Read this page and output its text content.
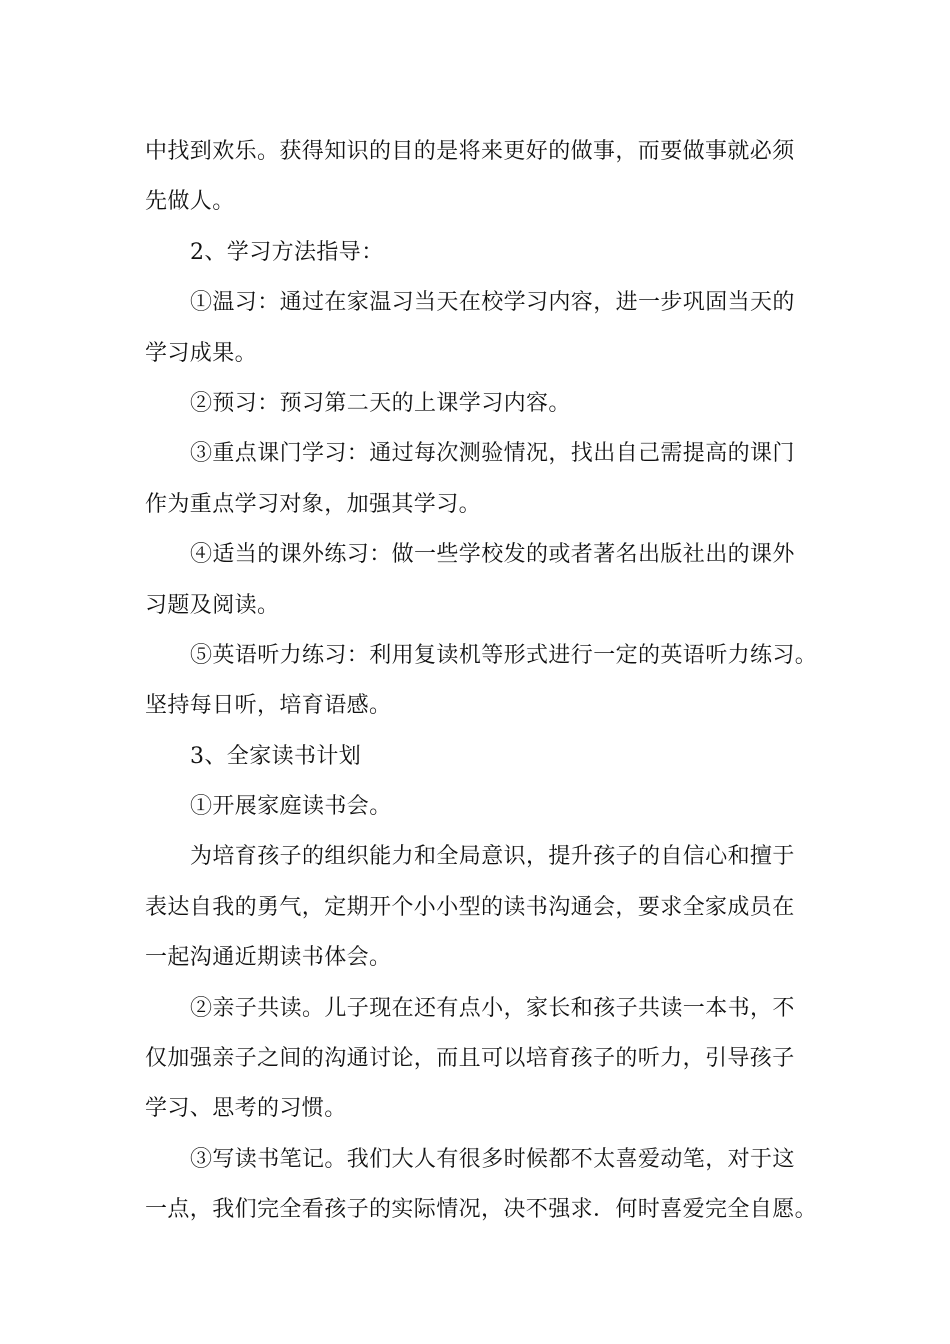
中找到欢乐。获得知识的目的是将来更好的做事，而要做事就必须
先做人。
2、学习方法指导：
①温习：通过在家温习当天在校学习内容，进一步巩固当天的
学习成果。
②预习：预习第二天的上课学习内容。
③重点课门学习：通过每次测验情况，找出自己需提高的课门
作为重点学习对象，加强其学习。
④适当的课外练习：做一些学校发的或者著名出版社出的课外
习题及阅读。
⑤英语听力练习：利用复读机等形式进行一定的英语听力练习。
坚持每日听，培育语感。
3、全家读书计划
①开展家庭读书会。
为培育孩子的组织能力和全局意识，提升孩子的自信心和擅于
表达自我的勇气，定期开个小小型的读书沟通会，要求全家成员在
一起沟通近期读书体会。
②亲子共读。儿子现在还有点小，家长和孩子共读一本书，不
仅加强亲子之间的沟通讨论，而且可以培育孩子的听力，引导孩子
学习、思考的习惯。
③写读书笔记。我们大人有很多时候都不太喜爱动笔，对于这
一点，我们完全看孩子的实际情况，决不强求．何时喜爱完全自愿。
